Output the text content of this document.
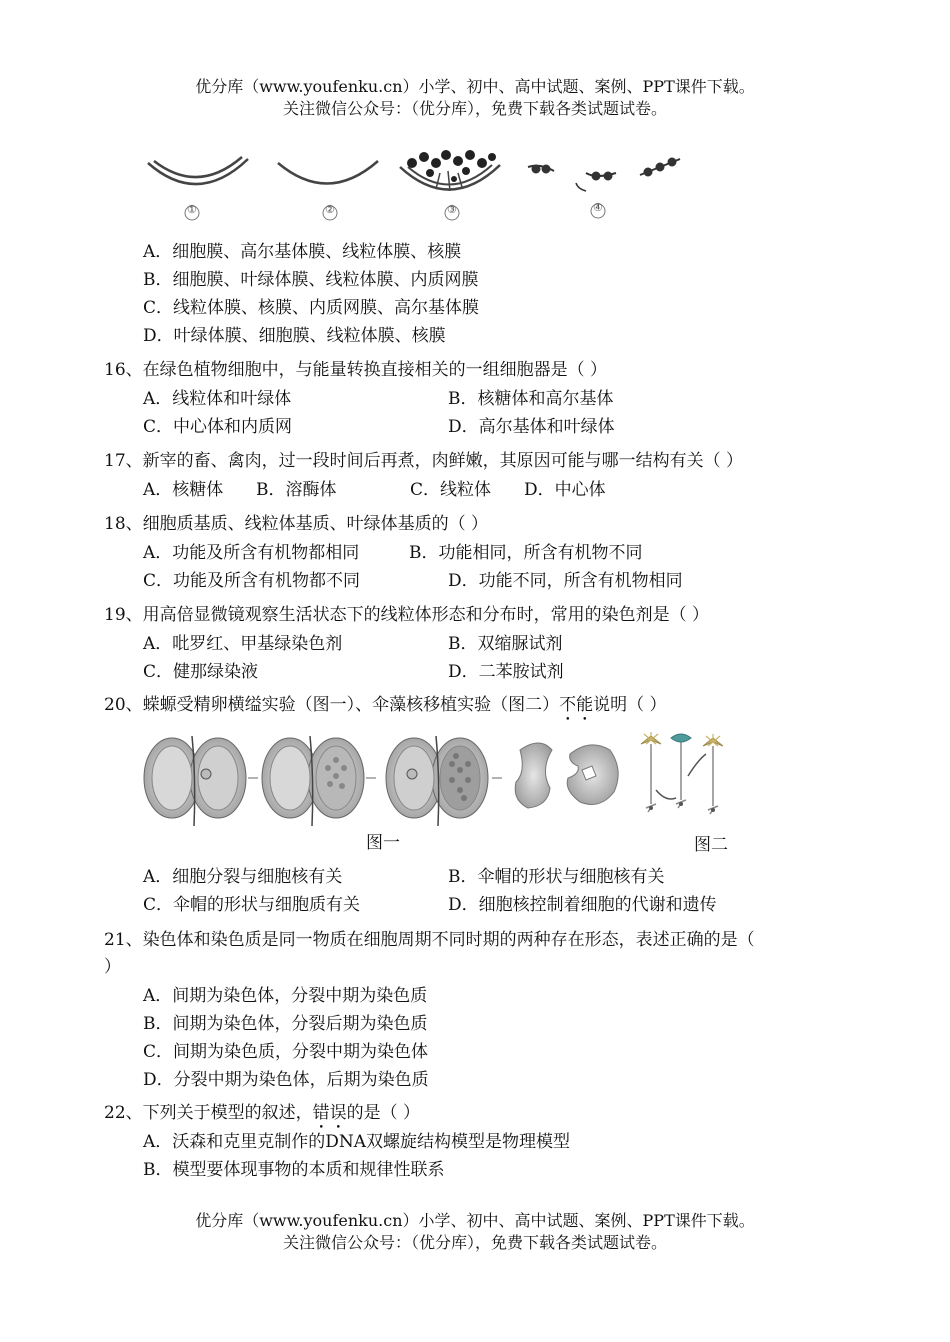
优分库（www.youfenku.cn）小学、初中、高中试题、案例、PPT课件下载。
关注微信公众号：（优分库），免费下载各类试题试卷。
①	②	③	④
A．细胞膜、高尔基体膜、线粒体膜、核膜
B．细胞膜、叶绿体膜、线粒体膜、内质网膜
C．线粒体膜、核膜、内质网膜、高尔基体膜
D．叶绿体膜、细胞膜、线粒体膜、核膜
16、在绿色植物细胞中，与能量转换直接相关的一组细胞器是（ ）
A．线粒体和叶绿体	B．核糖体和高尔基体
C．中心体和内质网	D．高尔基体和叶绿体
17、新宰的畜、禽肉，过一段时间后再煮，肉鲜嫩，其原因可能与哪一结构有关（ ）
A．核糖体 B．溶酶体	C．线粒体 D．中心体
18、细胞质基质、线粒体基质、叶绿体基质的（ ）
A．功能及所含有机物都相同	B．功能相同，所含有机物不同
C．功能及所含有机物都不同	D．功能不同，所含有机物相同
19、用高倍显微镜观察生活状态下的线粒体形态和分布时，常用的染色剂是（ ）
A．吡罗红、甲基绿染色剂	B．双缩脲试剂
C．健那绿染液	D．二苯胺试剂
20、蝾螈受精卵横缢实验（图一）、伞藻核移植实验（图二）不能说明（ ）
图一	图二
A．细胞分裂与细胞核有关	B．伞帽的形状与细胞核有关
C．伞帽的形状与细胞质有关	D．细胞核控制着细胞的代谢和遗传
21、染色体和染色质是同一物质在细胞周期不同时期的两种存在形态，表述正确的是（
）
A．间期为染色体，分裂中期为染色质
B．间期为染色体，分裂后期为染色质
C．间期为染色质，分裂中期为染色体
D．分裂中期为染色体，后期为染色质
22、下列关于模型的叙述，错误的是（ ）
A．沃森和克里克制作的DNA双螺旋结构模型是物理模型
B．模型要体现事物的本质和规律性联系
优分库（www.youfenku.cn）小学、初中、高中试题、案例、PPT课件下载。
关注微信公众号：（优分库），免费下载各类试题试卷。
